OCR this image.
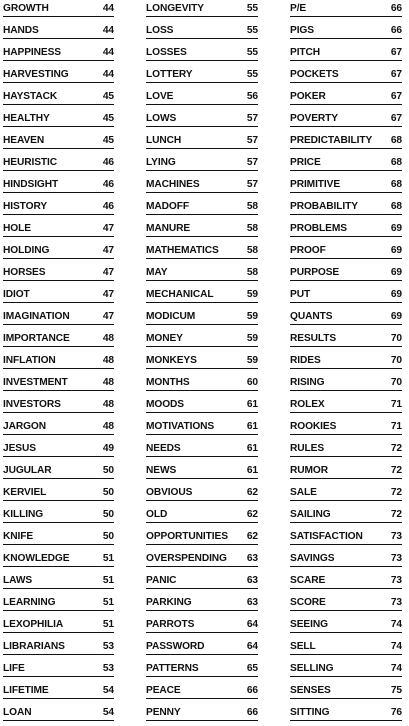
GROWTH	44
HANDS	44
HAPPINESS	44
HARVESTING	44
HAYSTACK	45
HEALTHY	45
HEAVEN	45
HEURISTIC	46
HINDSIGHT	46
HISTORY	46
HOLE	47
HOLDING	47
HORSES	47
IDIOT	47
IMAGINATION	47
IMPORTANCE	48
INFLATION	48
INVESTMENT	48
INVESTORS	48
JARGON	48
JESUS	49
JUGULAR	50
KERVIEL	50
KILLING	50
KNIFE	50
KNOWLEDGE	51
LAWS	51
LEARNING	51
LEXOPHILIA	51
LIBRARIANS	53
LIFE	53
LIFETIME	54
LOAN	54
LONGEVITY	55
LOSS	55
LOSSES	55
LOTTERY	55
LOVE	56
LOWS	57
LUNCH	57
LYING	57
MACHINES	57
MADOFF	58
MANURE	58
MATHEMATICS	58
MAY	58
MECHANICAL	59
MODICUM	59
MONEY	59
MONKEYS	59
MONTHS	60
MOODS	61
MOTIVATIONS	61
NEEDS	61
NEWS	61
OBVIOUS	62
OLD	62
OPPORTUNITIES 62
OVERSPENDING 63
PANIC	63
PARKING	63
PARROTS	64
PASSWORD	64
PATTERNS	65
PEACE	66
PENNY	66
P/E	66
PIGS	66
PITCH	67
POCKETS	67
POKER	67
POVERTY	67
PREDICTABILITY 68
PRICE	68
PRIMITIVE	68
PROBABILITY	68
PROBLEMS	69
PROOF	69
PURPOSE	69
PUT	69
QUANTS	69
RESULTS	70
RIDES	70
RISING	70
ROLEX	71
ROOKIES	71
RULES	72
RUMOR	72
SALE	72
SAILING	72
SATISFACTION	73
SAVINGS	73
SCARE	73
SCORE	73
SEEING	74
SELL	74
SELLING	74
SENSES	75
SITTING	76
